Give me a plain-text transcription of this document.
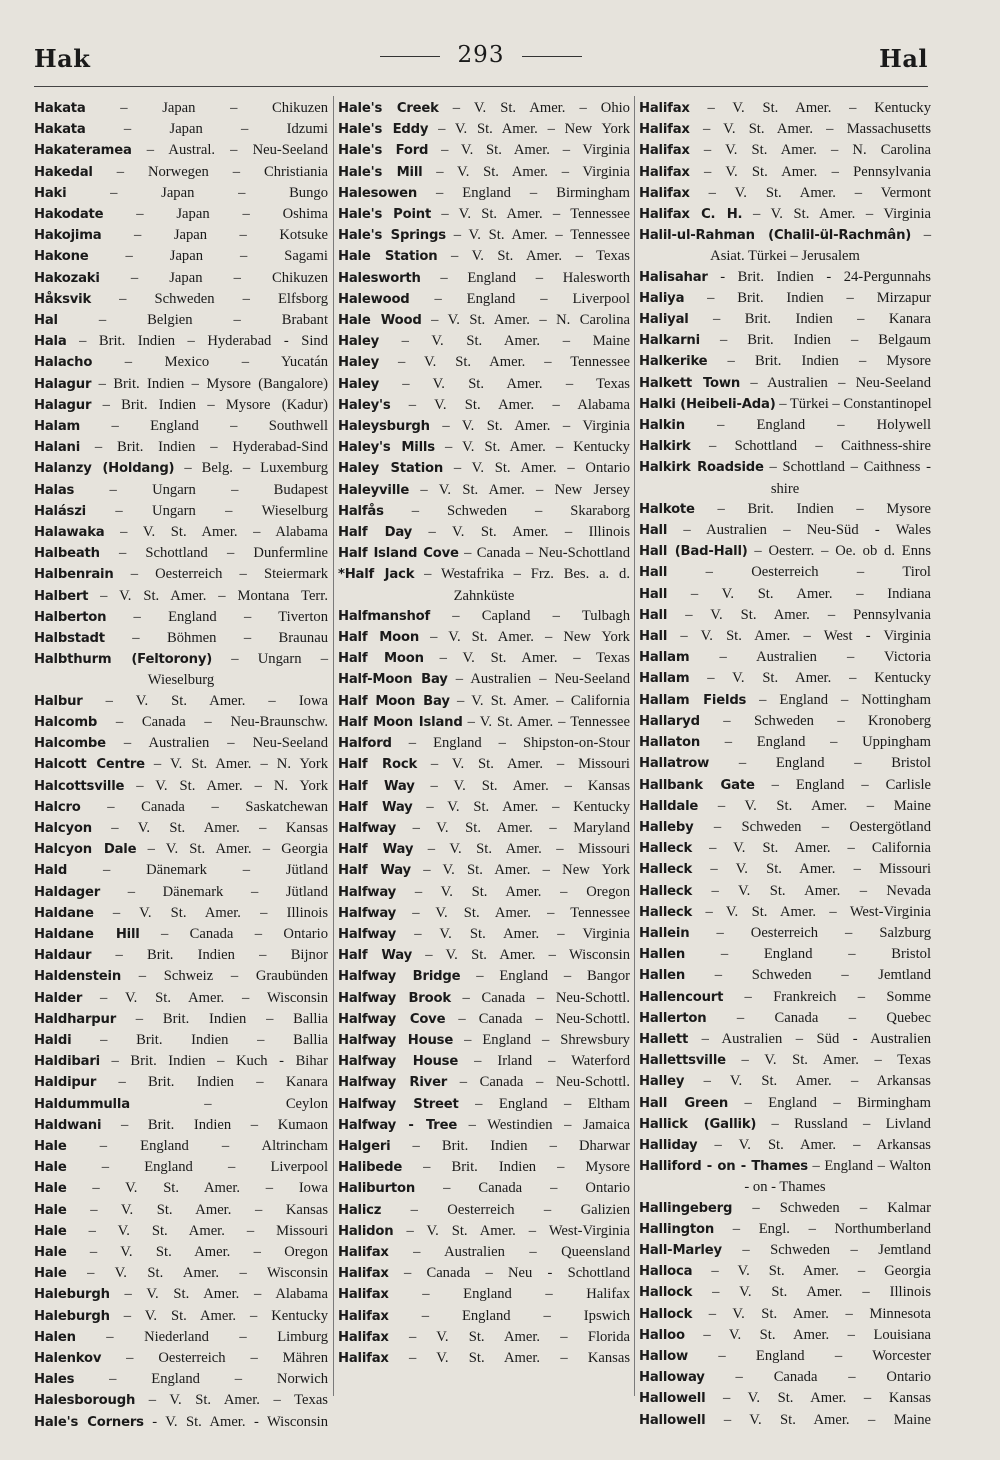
Hak	293	Hal

Hakata – Japan – Chikuzen

Hakata – Japan – Idzumi

Hakateramea – Austral. – Neu-Seeland

Hakedal – Norwegen – Christiania

Haki – Japan – Bungo

Hakodate – Japan – Oshima

Hakojima – Japan – Kotsuke

Hakone – Japan – Sagami

Hakozaki – Japan – Chikuzen

Håksvik – Schweden – Elfsborg

Hal – Belgien – Brabant

Hala – Brit. Indien – Hyderabad - Sind

Halacho – Mexico – Yucatán

Halagur – Brit. Indien – Mysore (Bangalore)

Halagur – Brit. Indien – Mysore (Kadur)

Halam – England – Southwell

Halani – Brit. Indien – Hyderabad-Sind

Halanzy (Holdang) – Belg. – Luxemburg

Halas – Ungarn – Budapest

Halászi – Ungarn – Wieselburg

Halawaka – V. St. Amer. – Alabama

Halbeath – Schottland – Dunfermline

Halbenrain – Oesterreich – Steiermark

Halbert – V. St. Amer. – Montana Terr.

Halberton – England – Tiverton

Halbstadt – Böhmen – Braunau

Halbthurm (Feltorony) – Ungarn – Wieselburg

Halbur – V. St. Amer. – Iowa

Halcomb – Canada – Neu-Braunschw.

Halcombe – Australien – Neu-Seeland

Halcott Centre – V. St. Amer. – N. York

Halcottsville – V. St. Amer. – N. York

Halcro – Canada – Saskatchewan

Halcyon – V. St. Amer. – Kansas

Halcyon Dale – V. St. Amer. – Georgia

Hald – Dänemark – Jütland

Haldager – Dänemark – Jütland

Haldane – V. St. Amer. – Illinois

Haldane Hill – Canada – Ontario

Haldaur – Brit. Indien – Bijnor

Haldenstein – Schweiz – Graubünden

Halder – V. St. Amer. – Wisconsin

Haldharpur – Brit. Indien – Ballia

Haldi – Brit. Indien – Ballia

Haldibari – Brit. Indien – Kuch - Bihar

Haldipur – Brit. Indien – Kanara

Haldummulla – Ceylon

Haldwani – Brit. Indien – Kumaon

Hale – England – Altrincham

Hale – England – Liverpool

Hale – V. St. Amer. – Iowa

Hale – V. St. Amer. – Kansas

Hale – V. St. Amer. – Missouri

Hale – V. St. Amer. – Oregon

Hale – V. St. Amer. – Wisconsin

Haleburgh – V. St. Amer. – Alabama

Haleburgh – V. St. Amer. – Kentucky

Halen – Niederland – Limburg

Halenkov – Oesterreich – Mähren

Hales – England – Norwich

Halesborough – V. St. Amer. – Texas

Hale's Corners - V. St. Amer. - Wisconsin

Hale's Creek – V. St. Amer. – Ohio

Hale's Eddy – V. St. Amer. – New York

Hale's Ford – V. St. Amer. – Virginia

Hale's Mill – V. St. Amer. – Virginia

Halesowen – England – Birmingham

Hale's Point – V. St. Amer. – Tennessee

Hale's Springs – V. St. Amer. – Tennessee

Hale Station – V. St. Amer. – Texas

Halesworth – England – Halesworth

Halewood – England – Liverpool

Hale Wood – V. St. Amer. – N. Carolina

Haley – V. St. Amer. – Maine

Haley – V. St. Amer. – Tennessee

Haley – V. St. Amer. – Texas

Haley's – V. St. Amer. – Alabama

Haleysburgh – V. St. Amer. – Virginia

Haley's Mills – V. St. Amer. – Kentucky

Haley Station – V. St. Amer. – Ontario

Haleyville – V. St. Amer. – New Jersey

Halfås – Schweden – Skaraborg

Half Day – V. St. Amer. – Illinois

Half Island Cove – Canada – Neu-Schottland

*Half Jack – Westafrika – Frz. Bes. a. d. Zahnküste

Halfmanshof – Capland – Tulbagh

Half Moon – V. St. Amer. – New York

Half Moon – V. St. Amer. – Texas

Half-Moon Bay – Australien – Neu-Seeland

Half Moon Bay – V. St. Amer. – California

Half Moon Island – V. St. Amer. – Tennessee

Halford – England – Shipston-on-Stour

Half Rock – V. St. Amer. – Missouri

Half Way – V. St. Amer. – Kansas

Half Way – V. St. Amer. – Kentucky

Halfway – V. St. Amer. – Maryland

Half Way – V. St. Amer. – Missouri

Half Way – V. St. Amer. – New York

Halfway – V. St. Amer. – Oregon

Halfway – V. St. Amer. – Tennessee

Halfway – V. St. Amer. – Virginia

Half Way – V. St. Amer. – Wisconsin

Halfway Bridge – England – Bangor

Halfway Brook – Canada – Neu-Schottl.

Halfway Cove – Canada – Neu-Schottl.

Halfway House – England – Shrewsbury

Halfway House – Irland – Waterford

Halfway River – Canada – Neu-Schottl.

Halfway Street – England – Eltham

Halfway - Tree – Westindien – Jamaica

Halgeri – Brit. Indien – Dharwar

Halibede – Brit. Indien – Mysore

Haliburton – Canada – Ontario

Halicz – Oesterreich – Galizien

Halidon – V. St. Amer. – West-Virginia

Halifax – Australien – Queensland

Halifax – Canada – Neu - Schottland

Halifax – England – Halifax

Halifax – England – Ipswich

Halifax – V. St. Amer. – Florida

Halifax – V. St. Amer. – Kansas

Halifax – V. St. Amer. – Kentucky

Halifax – V. St. Amer. – Massachusetts

Halifax – V. St. Amer. – N. Carolina

Halifax – V. St. Amer. – Pennsylvania

Halifax – V. St. Amer. – Vermont

Halifax C. H. – V. St. Amer. – Virginia

Halil-ul-Rahman (Chalil-ül-Rachmân) – Asiat. Türkei – Jerusalem

Halisahar - Brit. Indien - 24-Pergunnahs

Haliya – Brit. Indien – Mirzapur

Haliyal – Brit. Indien – Kanara

Halkarni – Brit. Indien – Belgaum

Halkerike – Brit. Indien – Mysore

Halkett Town – Australien – Neu-Seeland

Halki (Heibeli-Ada) – Türkei – Constantinopel

Halkin – England – Holywell

Halkirk – Schottland – Caithness-shire

Halkirk Roadside – Schottland – Caithness - shire

Halkote – Brit. Indien – Mysore

Hall – Australien – Neu-Süd - Wales

Hall (Bad-Hall) – Oesterr. – Oe. ob d. Enns

Hall – Oesterreich – Tirol

Hall – V. St. Amer. – Indiana

Hall – V. St. Amer. – Pennsylvania

Hall – V. St. Amer. – West - Virginia

Hallam – Australien – Victoria

Hallam – V. St. Amer. – Kentucky

Hallam Fields – England – Nottingham

Hallaryd – Schweden – Kronoberg

Hallaton – England – Uppingham

Hallatrow – England – Bristol

Hallbank Gate – England – Carlisle

Halldale – V. St. Amer. – Maine

Halleby – Schweden – Oestergötland

Halleck – V. St. Amer. – California

Halleck – V. St. Amer. – Missouri

Halleck – V. St. Amer. – Nevada

Halleck – V. St. Amer. – West-Virginia

Hallein – Oesterreich – Salzburg

Hallen – England – Bristol

Hallen – Schweden – Jemtland

Hallencourt – Frankreich – Somme

Hallerton – Canada – Quebec

Hallett – Australien – Süd - Australien

Hallettsville – V. St. Amer. – Texas

Halley – V. St. Amer. – Arkansas

Hall Green – England – Birmingham

Hallick (Gallik) – Russland – Livland

Halliday – V. St. Amer. – Arkansas

Halliford - on - Thames – England – Walton - on - Thames

Hallingeberg – Schweden – Kalmar

Hallington – Engl. – Northumberland

Hall-Marley – Schweden – Jemtland

Halloca – V. St. Amer. – Georgia

Hallock – V. St. Amer. – Illinois

Hallock – V. St. Amer. – Minnesota

Halloo – V. St. Amer. – Louisiana

Hallow – England – Worcester

Halloway – Canada – Ontario

Hallowell – V. St. Amer. – Kansas

Hallowell – V. St. Amer. – Maine
